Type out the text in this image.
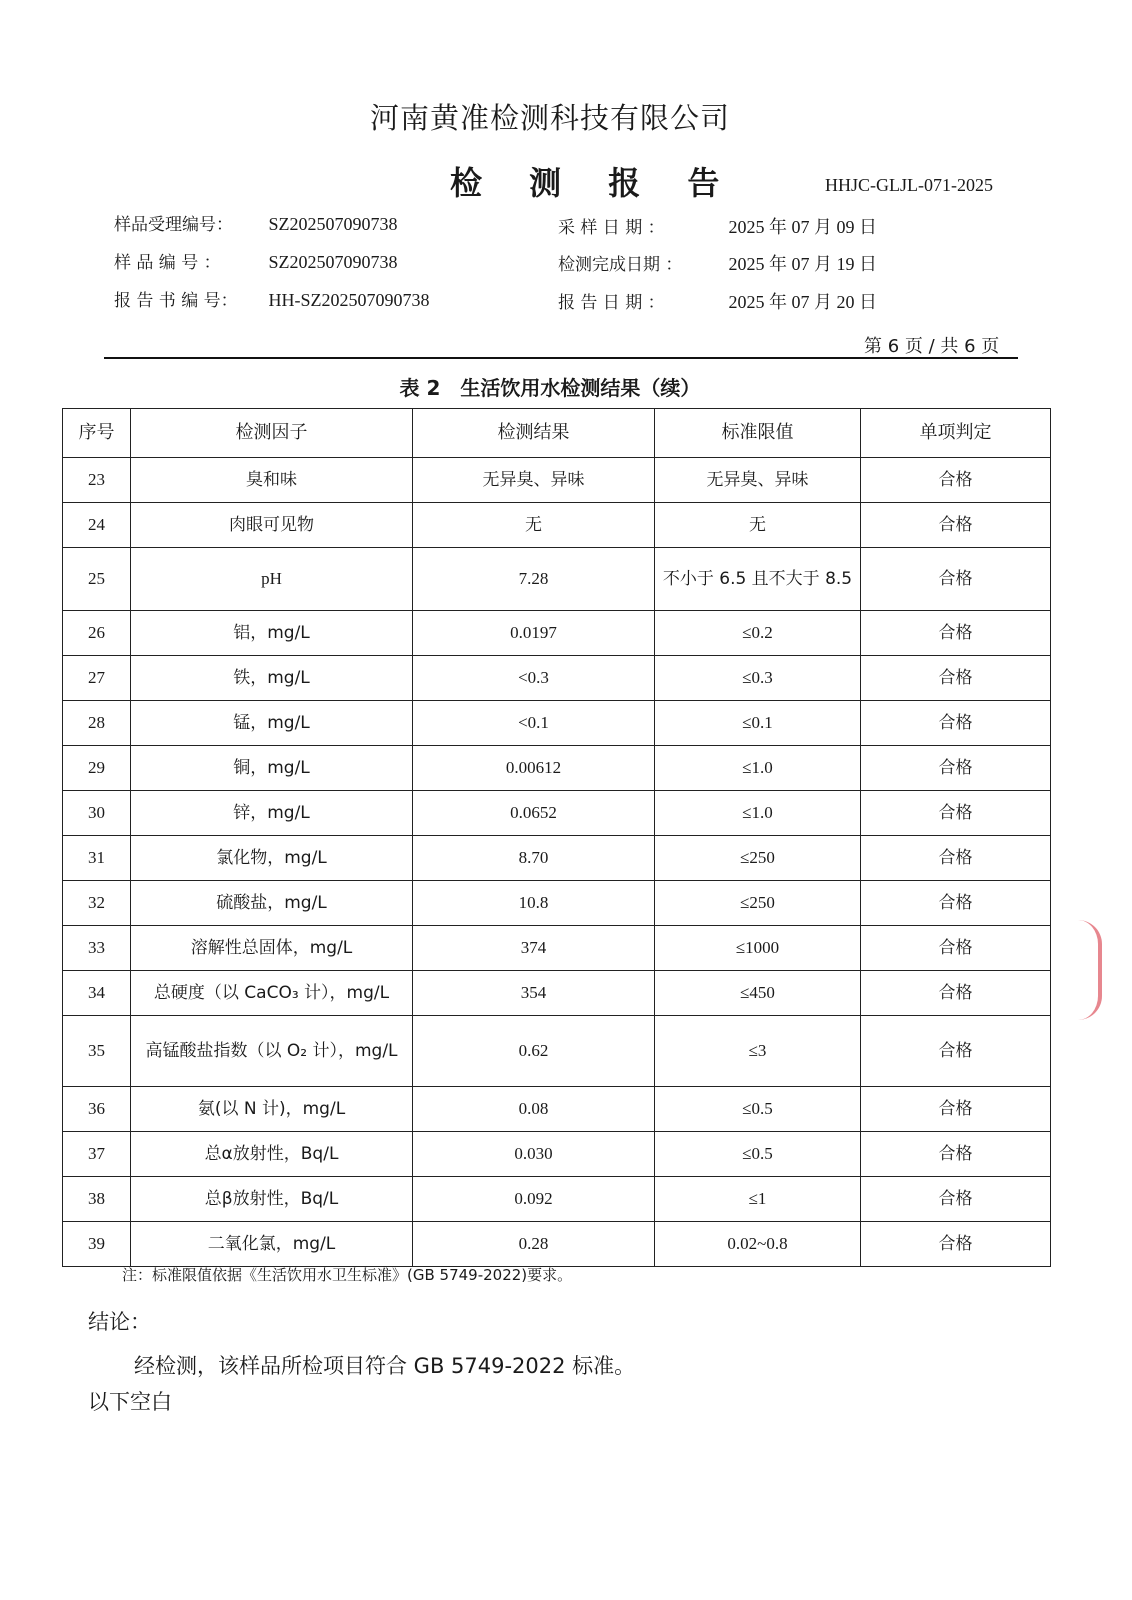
河南黄准检测科技有限公司
检 测 报 告	HHJC-GLJL-071-2025
样品受理编号： SZ202507090738
样 品 编 号 ：	SZ202507090738
报 告 书 编 号： HH-SZ202507090738
采 样 日 期 ：	2025 年 07 月 09 日
检测完成日期 ：	2025 年 07 月 19 日
报 告 日 期 ：	2025 年 07 月 20 日
第 6 页 / 共 6 页
表 2　生活饮用水检测结果（续）
序号	检测因子	检测结果	标准限值	单项判定
23	臭和味	无异臭、异味	无异臭、异味	合格
24	肉眼可见物	无	无	合格
25	pH	7.28	不小于 6.5 且不大于 8.5	合格
26	铝，mg/L	0.0197	≤0.2	合格
27	铁，mg/L	<0.3	≤0.3	合格
28	锰，mg/L	<0.1	≤0.1	合格
29	铜，mg/L	0.00612	≤1.0	合格
30	锌，mg/L	0.0652	≤1.0	合格
31	氯化物，mg/L	8.70	≤250	合格
32	硫酸盐，mg/L	10.8	≤250	合格
33	溶解性总固体，mg/L	374	≤1000	合格
34	总硬度（以 CaCO₃ 计），mg/L	354	≤450	合格
35	高锰酸盐指数（以 O₂ 计），mg/L	0.62	≤3	合格
36	氨(以 N 计)，mg/L	0.08	≤0.5	合格
37	总α放射性，Bq/L	0.030	≤0.5	合格
38	总β放射性，Bq/L	0.092	≤1	合格
39	二氧化氯，mg/L	0.28	0.02~0.8	合格
注：标准限值依据《生活饮用水卫生标准》(GB 5749-2022)要求。
结论：
经检测，该样品所检项目符合 GB 5749-2022 标准。
以下空白
